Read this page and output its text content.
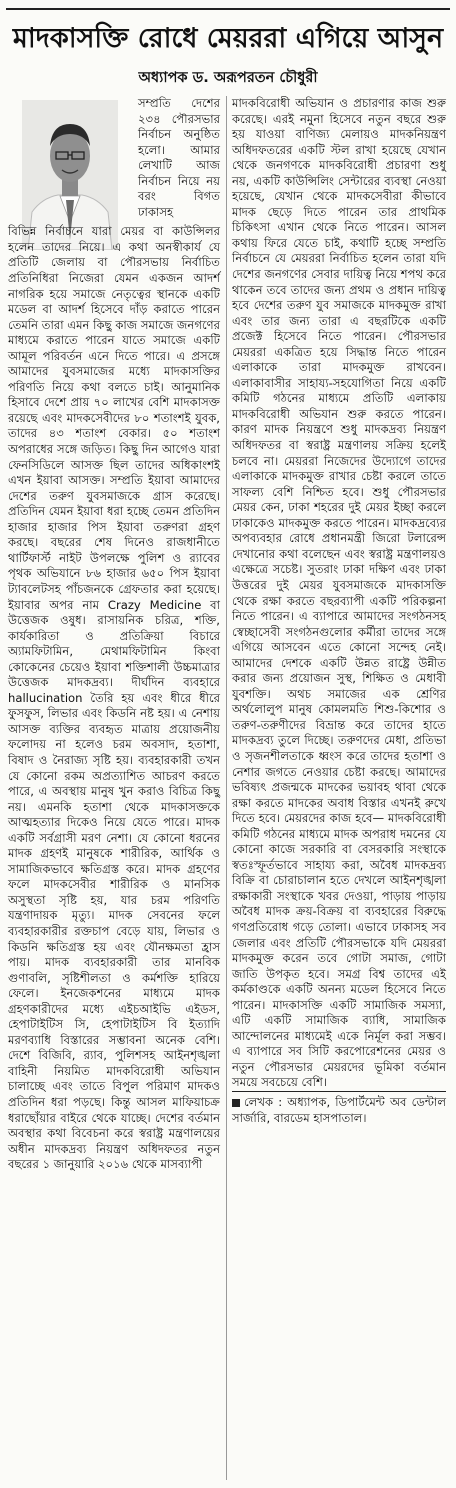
মাদকাসক্তি রোধে মেয়ররা এগিয়ে আসুন
অধ্যাপক ড. অরূপরতন চৌধুরী

সম্প্রতি দেশের ২৩৪ পৌরসভার নির্বাচন অনুষ্ঠিত হলো। আমার লেখাটি আজ নির্বাচন নিয়ে নয় বরং বিগত ঢাকাসহ

বিভিন্ন নির্বাচনে যারা মেয়র বা কাউন্সিলর হলেন তাদের নিয়ে। এ কথা অনস্বীকার্য যে প্রতিটি জেলায় বা পৌরসভায় নির্বাচিত প্রতিনিধিরা নিজেরা যেমন একজন আদর্শ নাগরিক হয়ে সমাজে নেতৃত্বের স্থানকে একটি মডেল বা আদর্শ হিসেবে দাঁড় করাতে পারেন তেমনি তারা এমন কিছু কাজ সমাজে জনগণের মাধ্যমে করাতে পারেন যাতে সমাজে একটি আমূল পরিবর্তন এনে দিতে পারে। এ প্রসঙ্গে আমাদের যুবসমাজের মধ্যে মাদকাসক্তির পরিণতি নিয়ে কথা বলতে চাই। আনুমানিক হিসাবে দেশে প্রায় ৭০ লাখের বেশি মাদকাসক্ত রয়েছে এবং মাদকসেবীদের ৮০ শতাংশই যুবক, তাদের ৪৩ শতাংশ বেকার। ৫০ শতাংশ অপরাধের সঙ্গে জড়িত। কিছু দিন আগেও যারা ফেনসিডিলে আসক্ত ছিল তাদের অধিকাংশই এখন ইয়াবা আসক্ত। সম্প্রতি ইয়াবা আমাদের দেশের তরুণ যুবসমাজকে গ্রাস করেছে। প্রতিদিন যেমন ইয়াবা ধরা হচ্ছে তেমন প্রতিদিন হাজার হাজার পিস ইয়াবা তরুণরা গ্রহণ করছে। বছরের শেষ দিনেও রাজধানীতে থার্টিফার্স্ট নাইট উপলক্ষে পুলিশ ও র‍্যাবের পৃথক অভিযানে ৮৬ হাজার ৬৫০ পিস ইয়াবা ট্যাবলেটসহ পাঁচজনকে গ্রেফতার করা হয়েছে। ইয়াবার অপর নাম Crazy Medicine বা উত্তেজক ওষুধ। রাসায়নিক চরিত্র, শক্তি, কার্যকারিতা ও প্রতিক্রিয়া বিচারে অ্যামফিটামিন, মেথামফিটামিন কিংবা কোকেনের চেয়েও ইয়াবা শক্তিশালী উচ্চমাত্রার উত্তেজক মাদকদ্রব্য। দীর্ঘদিন ব্যবহারে hallucination তৈরি হয় এবং ধীরে ধীরে ফুসফুস, লিভার এবং কিডনি নষ্ট হয়। এ নেশায় আসক্ত ব্যক্তির ব্যবহৃত মাত্রায় প্রয়োজনীয় ফলোদয় না হলেও চরম অবসাদ, হতাশা, বিষাদ ও নৈরাজ্য সৃষ্টি হয়। ব্যবহারকারী তখন যে কোনো রকম অপ্রত্যাশিত আচরণ করতে পারে, এ অবস্থায় মানুষ খুন করাও বিচিত্র কিছু নয়। এমনকি হতাশা থেকে মাদকাসক্তকে আত্মহত্যার দিকেও নিয়ে যেতে পারে। মাদক একটি সর্বগ্রাসী মরণ নেশা। যে কোনো ধরনের মাদক গ্রহণই মানুষকে শারীরিক, আর্থিক ও সামাজিকভাবে ক্ষতিগ্রস্ত করে। মাদক গ্রহণের ফলে মাদকসেবীর শারীরিক ও মানসিক অসুস্থতা সৃষ্টি হয়, যার চরম পরিণতি যন্ত্রণাদায়ক মৃত্যু। মাদক সেবনের ফলে ব্যবহারকারীর রক্তচাপ বেড়ে যায়, লিভার ও কিডনি ক্ষতিগ্রস্ত হয় এবং যৌনক্ষমতা হ্রাস পায়। মাদক ব্যবহারকারী তার মানবিক গুণাবলি, সৃষ্টিশীলতা ও কর্মশক্তি হারিয়ে ফেলে। ইনজেকশনের মাধ্যমে মাদক গ্রহণকারীদের মধ্যে এইচআইভি এইডস, হেপাটাইটিস সি, হেপাটাইটিস বি ইত্যাদি মরণব্যাধি বিস্তারের সম্ভাবনা অনেক বেশি। দেশে বিজিবি, র‍্যাব, পুলিশসহ আইনশৃঙ্খলা বাহিনী নিয়মিত মাদকবিরোধী অভিযান চালাচ্ছে এবং তাতে বিপুল পরিমাণ মাদকও প্রতিদিন ধরা পড়ছে। কিন্তু আসল মাফিয়াচক্র ধরাছোঁয়ার বাইরে থেকে যাচ্ছে। দেশের বর্তমান অবস্থার কথা বিবেচনা করে স্বরাষ্ট্র মন্ত্রণালয়ের অধীন মাদকদ্রব্য নিয়ন্ত্রণ অধিদফতর নতুন বছরের ১ জানুয়ারি ২০১৬ থেকে মাসব্যাপী

মাদকবিরোধী অভিযান ও প্রচারণার কাজ শুরু করেছে। এরই নমুনা হিসেবে নতুন বছরে শুরু হয় যাওয়া বাণিজ্য মেলায়ও মাদকনিয়ন্ত্রণ অধিদফতরের একটি স্টল রাখা হয়েছে যেখান থেকে জনগণকে মাদকবিরোধী প্রচারণা শুধু নয়, একটি কাউন্সিলিং সেন্টারের ব্যবস্থা নেওয়া হয়েছে, যেখান থেকে মাদকসেবীরা কীভাবে মাদক ছেড়ে দিতে পারেন তার প্রাথমিক চিকিৎসা এখান থেকে নিতে পারেন। আসল কথায় ফিরে যেতে চাই, কথাটি হচ্ছে সম্প্রতি নির্বাচনে যে মেয়ররা নির্বাচিত হলেন তারা যদি দেশের জনগণের সেবার দায়িত্ব নিয়ে শপথ করে থাকেন তবে তাদের জন্য প্রথম ও প্রধান দায়িত্ব হবে দেশের তরুণ যুব সমাজকে মাদকমুক্ত রাখা এবং তার জন্য তারা এ বছরটিকে একটি প্রজেক্ট হিসেবে নিতে পারেন। পৌরসভার মেয়ররা একত্রিত হয়ে সিদ্ধান্ত নিতে পারেন এলাকাকে তারা মাদকমুক্ত রাখবেন। এলাকাবাসীর সাহায্য-সহযোগিতা নিয়ে একটি কমিটি গঠনের মাধ্যমে প্রতিটি এলাকায় মাদকবিরোধী অভিযান শুরু করতে পারেন। কারণ মাদক নিয়ন্ত্রণে শুধু মাদকদ্রব্য নিয়ন্ত্রণ অধিদফতর বা স্বরাষ্ট্র মন্ত্রণালয় সক্রিয় হলেই চলবে না। মেয়ররা নিজেদের উদ্যোগে তাদের এলাকাকে মাদকমুক্ত রাখার চেষ্টা করলে তাতে সাফল্য বেশি নিশ্চিত হবে। শুধু পৌরসভার মেয়র কেন, ঢাকা শহরের দুই মেয়র ইচ্ছা করলে ঢাকাকেও মাদকমুক্ত করতে পারেন। মাদকদ্রব্যের অপব্যবহার রোধে প্রধানমন্ত্রী জিরো টলারেন্স দেখানোর কথা বলেছেন এবং স্বরাষ্ট্র মন্ত্রণালয়ও এক্ষেত্রে সচেষ্ট। সুতরাং ঢাকা দক্ষিণ এবং ঢাকা উত্তরের দুই মেয়র যুবসমাজকে মাদকাসক্তি থেকে রক্ষা করতে বছরব্যাপী একটি পরিকল্পনা নিতে পারেন। এ ব্যাপারে আমাদের সংগঠনসহ স্বেচ্ছাসেবী সংগঠনগুলোর কর্মীরা তাদের সঙ্গে এগিয়ে আসবেন এতে কোনো সন্দেহ নেই। আমাদের দেশকে একটি উন্নত রাষ্ট্রে উন্নীত করার জন্য প্রয়োজন সুস্থ, শিক্ষিত ও মেধাবী যুবশক্তি। অথচ সমাজের এক শ্রেণির অর্থলোলুপ মানুষ কোমলমতি শিশু-কিশোর ও তরুণ-তরুণীদের বিভ্রান্ত করে তাদের হাতে মাদকদ্রব্য তুলে দিচ্ছে। তরুণদের মেধা, প্রতিভা ও সৃজনশীলতাকে ধ্বংস করে তাদের হতাশা ও নেশার জগতে নেওয়ার চেষ্টা করছে। আমাদের ভবিষ্যৎ প্রজন্মকে মাদকের ভয়াবহ থাবা থেকে রক্ষা করতে মাদকের অবাধ বিস্তার এখনই রুখে দিতে হবে। মেয়রদের কাজ হবে— মাদকবিরোধী কমিটি গঠনের মাধ্যমে মাদক অপরাধ দমনের যে কোনো কাজে সরকারি বা বেসরকারি সংস্থাকে স্বতঃস্ফূর্তভাবে সাহায্য করা, অবৈধ মাদকদ্রব্য বিক্রি বা চোরাচালান হতে দেখলে আইনশৃঙ্খলা রক্ষাকারী সংস্থাকে খবর দেওয়া, পাড়ায় পাড়ায় অবৈধ মাদক ক্রয়-বিক্রয় বা ব্যবহারের বিরুদ্ধে গণপ্রতিরোধ গড়ে তোলা। এভাবে ঢাকাসহ সব জেলার এবং প্রতিটি পৌরসভাকে যদি মেয়ররা মাদকমুক্ত করেন তবে গোটা সমাজ, গোটা জাতি উপকৃত হবে। সমগ্র বিশ্ব তাদের এই কর্মকাণ্ডকে একটি অনন্য মডেল হিসেবে নিতে পারেন। মাদকাসক্তি একটি সামাজিক সমস্যা, এটি একটি সামাজিক ব্যাধি, সামাজিক আন্দোলনের মাধ্যমেই একে নির্মূল করা সম্ভব। এ ব্যাপারে সব সিটি করপোরেশনের মেয়র ও নতুন পৌরসভার মেয়রদের ভূমিকা বর্তমান সময়ে সবচেয়ে বেশি।

লেখক : অধ্যাপক, ডিপার্টমেন্ট অব ডেন্টাল সার্জারি, বারডেম হাসপাতাল।
